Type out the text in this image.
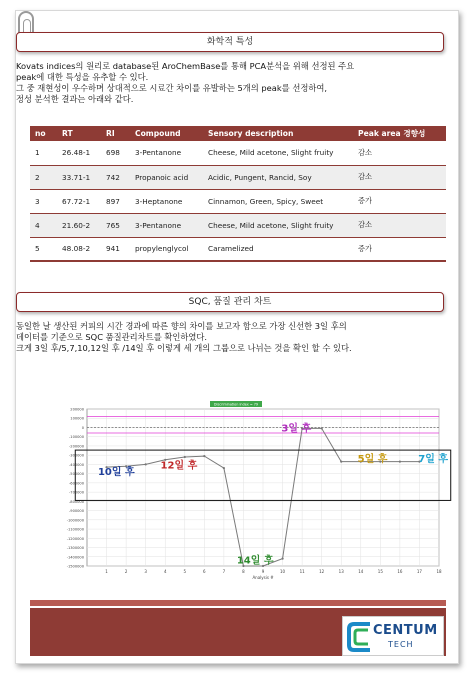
화학적 특성
Kovats indices의 원리로 database된 AroChemBase를 통해 PCA분석을 위해 선정된 주요
peak에 대한 특성을 유추할 수 있다.
그 중 재현성이 우수하며 상대적으로 시료간 차이를 유발하는 5개의 peak를 선정하여,
정성 분석한 결과는 아래와 같다.
no	RT	RI	Compound	Sensory description	Peak area 경향성
1	26.48-1	698	3-Pentanone	Cheese, Mild acetone, Slight fruity	감소
2	33.71-1	742	Propanoic acid	Acidic, Pungent, Rancid, Soy	감소
3	67.72-1	897	3-Heptanone	Cinnamon, Green, Spicy, Sweet	증가
4	21.60-2	765	3-Pentanone	Cheese, Mild acetone, Slight fruity	감소
5	48.08-2	941	propylenglycol	Caramelized	증가
SQC, 품질 관리 차트
동일한 날 생산된 커피의 시간 경과에 따른 향의 차이를 보고자 함으로 가장 신선한 3일 후의
데이터를 기준으로 SQC 품질관리차트를 확인하였다.
크게 3일 후/5,7,10,12일 후 /14일 후 이렇게 세 개의 그룹으로 나뉘는 것을 확인 할 수 있다.
200000
100000
0
-100000
-200000
-300000
-400000
-500000
-600000
-700000
-800000
-900000
-1000000
-1100000
-1200000
-1300000
-1400000
-1500000
1	2	3	4	5	6	7	8	9	10	11	12	13	14	15	16	17	18
Analysis #
Discrimination index = 79
10일 후
12일 후
14일 후
3일 후
5일 후	7일 후
CENTUM
TECH
